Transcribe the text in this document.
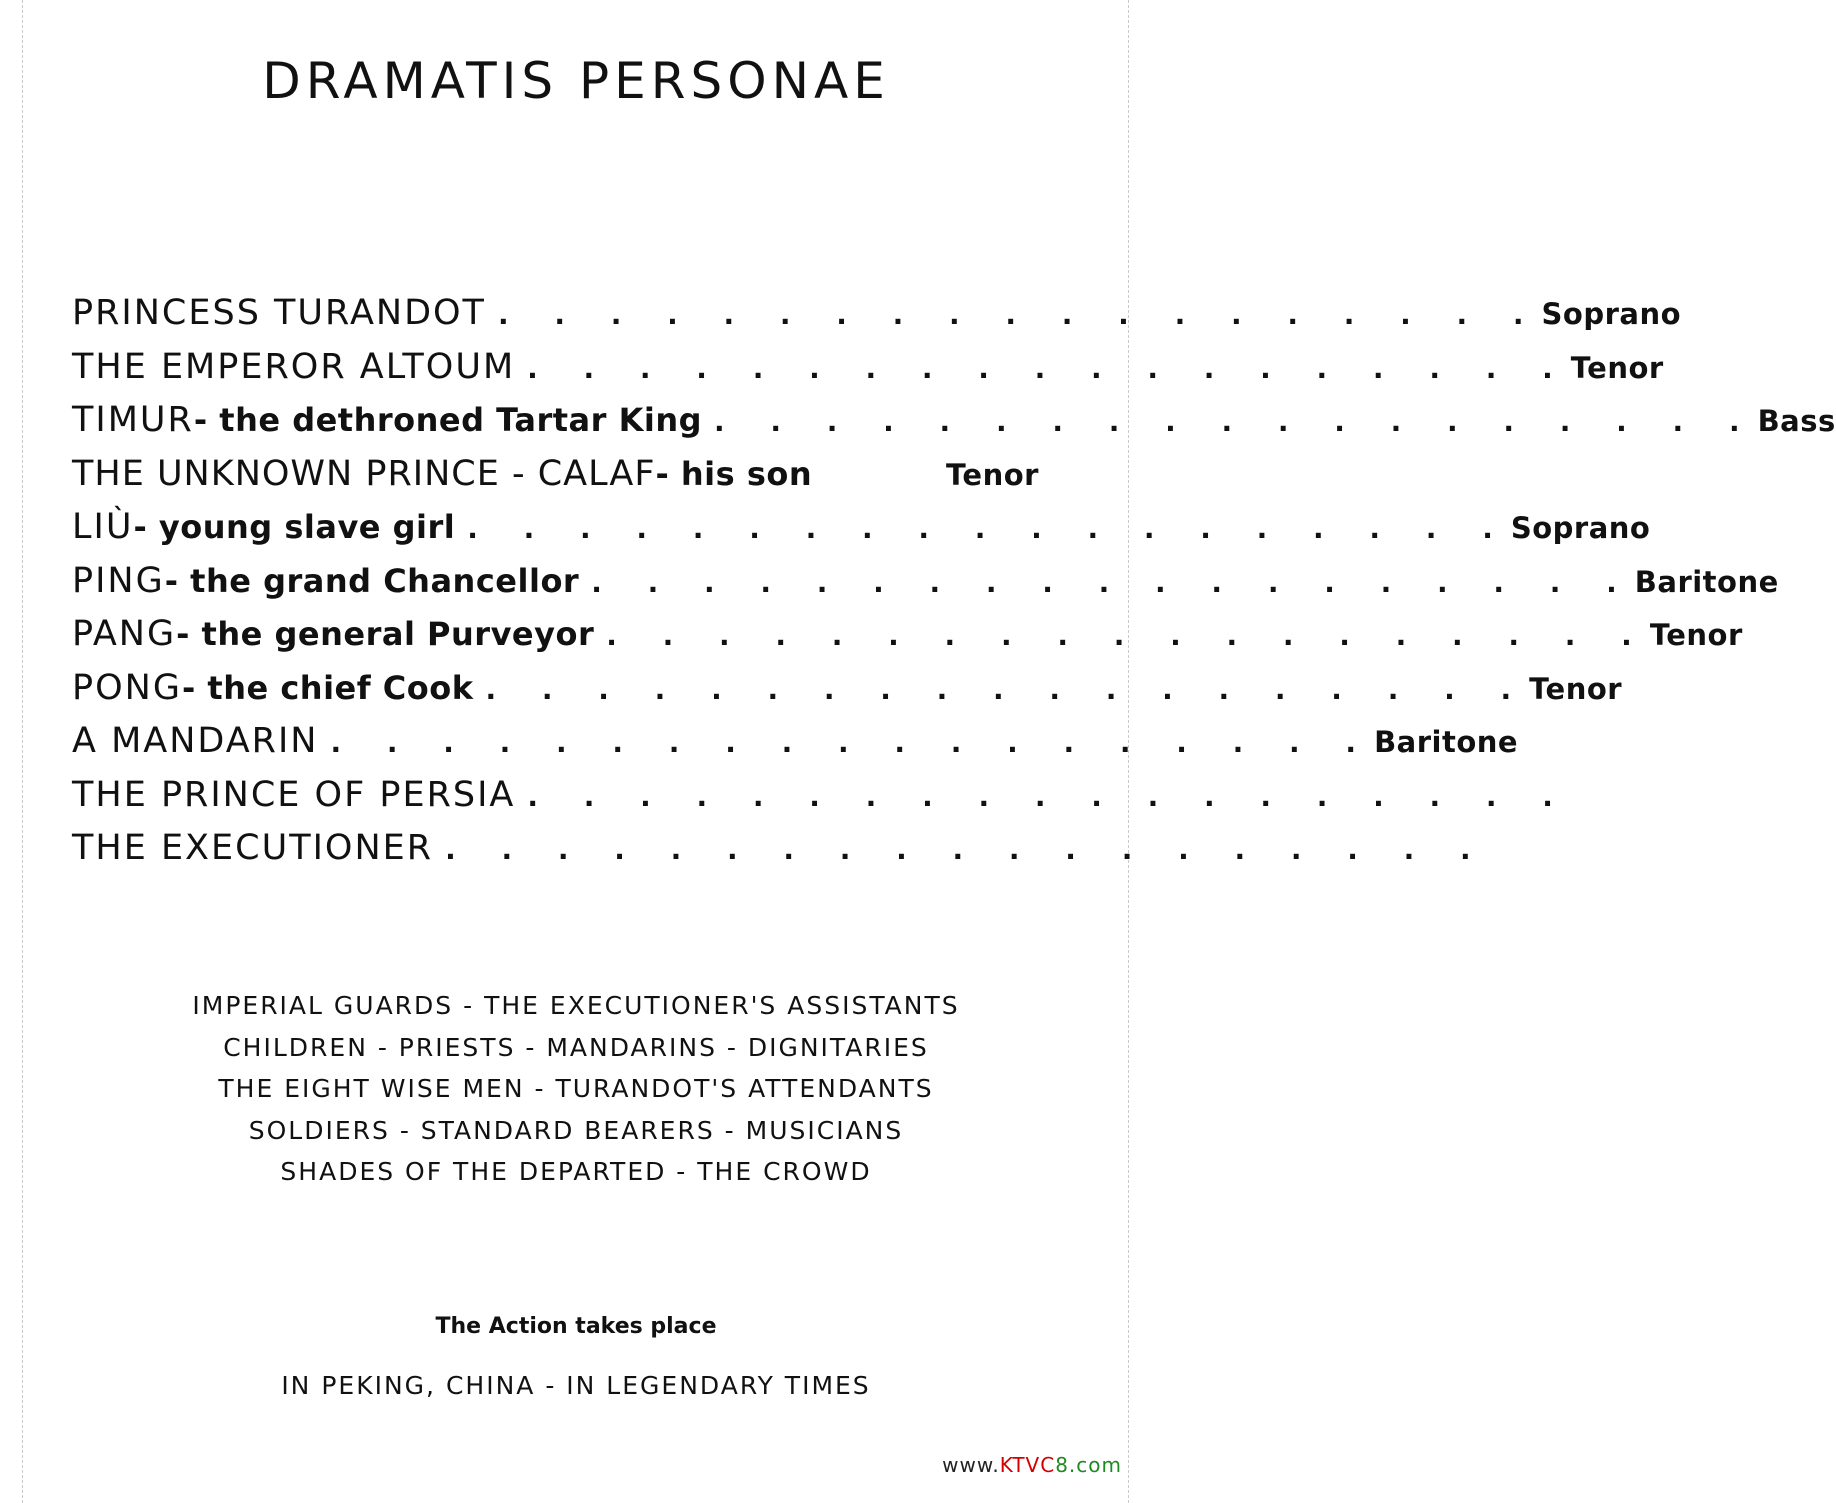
DRAMATIS PERSONAE
PRINCESS TURANDOT . . . . . . . . . . . . . . . . . . . Soprano
THE EMPEROR ALTOUM . . . . . . . . . . . . . . . . . . . Tenor
TIMUR - the dethroned Tartar King . . . . . . . . . . . . . . . . . . . Bass
THE UNKNOWN PRINCE - CALAF - his son	Tenor
LIÙ - young slave girl . . . . . . . . . . . . . . . . . . . Soprano
PING - the grand Chancellor . . . . . . . . . . . . . . . . . . . Baritone
PANG - the general Purveyor . . . . . . . . . . . . . . . . . . . Tenor
PONG - the chief Cook . . . . . . . . . . . . . . . . . . . Tenor
A MANDARIN . . . . . . . . . . . . . . . . . . . Baritone
THE PRINCE OF PERSIA . . . . . . . . . . . . . . . . . . .
THE EXECUTIONER . . . . . . . . . . . . . . . . . . .
IMPERIAL GUARDS - THE EXECUTIONER'S ASSISTANTS
CHILDREN - PRIESTS - MANDARINS - DIGNITARIES
THE EIGHT WISE MEN - TURANDOT'S ATTENDANTS
SOLDIERS - STANDARD BEARERS - MUSICIANS
SHADES OF THE DEPARTED - THE CROWD
The Action takes place
IN PEKING, CHINA - IN LEGENDARY TIMES
www.KTVC8.com
